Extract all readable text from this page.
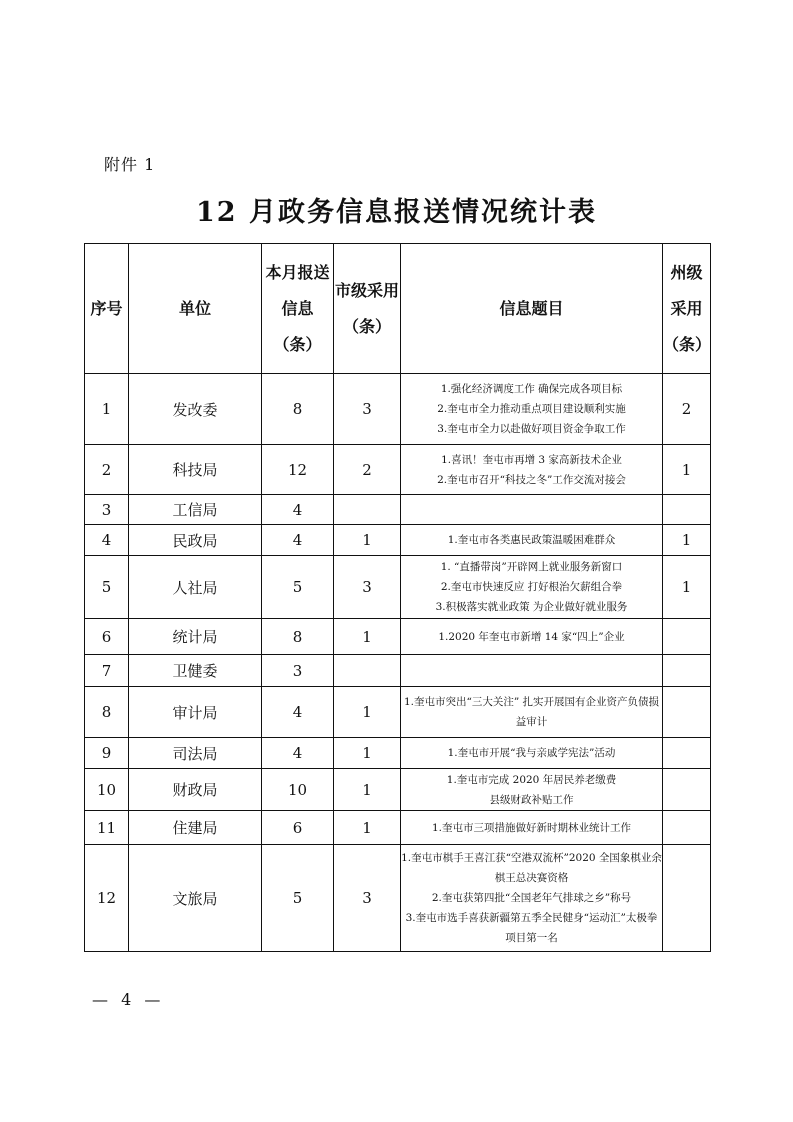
附件 1
12 月政务信息报送情况统计表
序号	单位	本月报送信息（条）	市级采用（条）	信息题目	州级采用（条）
1	发改委	8	3	1.强化经济调度工作 确保完成各项目标
2.奎屯市全力推动重点项目建设顺利实施
3.奎屯市全力以赴做好项目资金争取工作	2
2	科技局	12	2	1.喜讯！奎屯市再增 3 家高新技术企业
2.奎屯市召开“科技之冬”工作交流对接会	1
3	工信局	4			
4	民政局	4	1	1.奎屯市各类惠民政策温暖困难群众	1
5	人社局	5	3	1. “直播带岗”开辟网上就业服务新窗口
2.奎屯市快速反应 打好根治欠薪组合拳
3.积极落实就业政策 为企业做好就业服务	1
6	统计局	8	1	1.2020 年奎屯市新增 14 家“四上”企业	

7	卫健委	3			
8	审计局	4	1	1.奎屯市突出“三大关注” 扎实开展国有企业资产负债损益审计	

9	司法局	4	1	1.奎屯市开展“我与亲戚学宪法”活动	

10	财政局	10	1	1.奎屯市完成 2020 年居民养老缴费
县级财政补贴工作	

11	住建局	6	1	1.奎屯市三项措施做好新时期林业统计工作	

12	文旅局	5	3	1.奎屯市棋手王喜江获“空港双流杯”2020 全国象棋业余棋王总决赛资格
2.奎屯获第四批“全国老年气排球之乡”称号
3.奎屯市选手喜获新疆第五季全民健身“运动汇”太极拳项目第一名	

— 4 —
